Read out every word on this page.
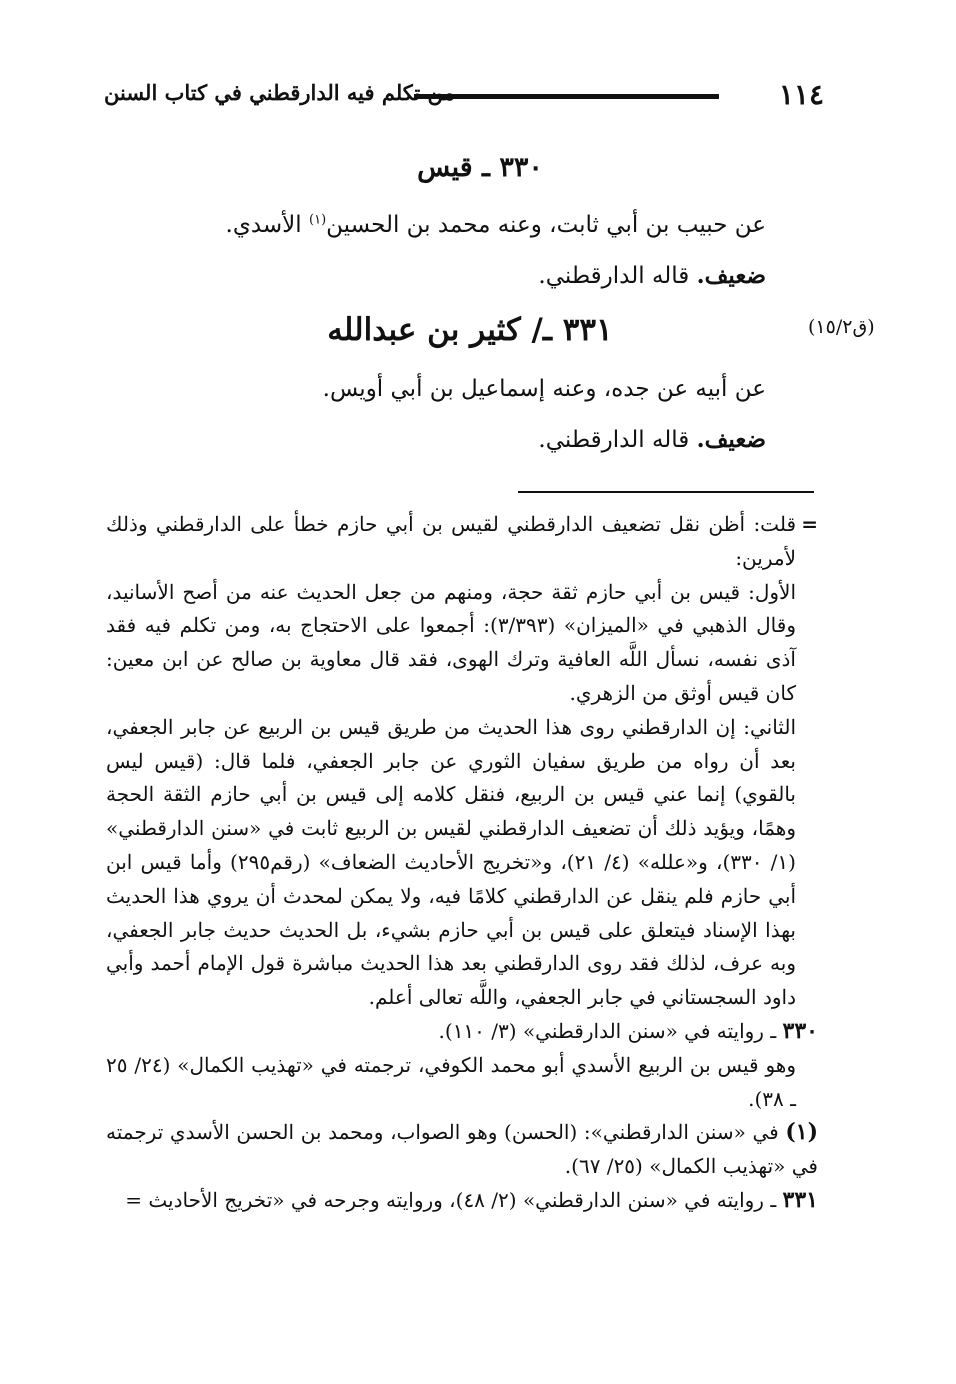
١١٤
من تكلم فيه الدارقطني في كتاب السنن
٣٣٠ ـ قيس
عن حبيب بن أبي ثابت، وعنه محمد بن الحسين$^{(١)}$ الأسدي.
ضعيف. قاله الدارقطني.
(ق١٥/٢)
٣٣١ ـ/ كثير بن عبدالله
عن أبيه عن جده، وعنه إسماعيل بن أبي أويس.
ضعيف. قاله الدارقطني.

=
قلت: أظن نقل تضعيف الدارقطني لقيس بن أبي حازم خطأ على الدارقطني وذلك لأمرين:

الأول: قيس بن أبي حازم ثقة حجة، ومنهم من جعل الحديث عنه من أصح الأسانيد، وقال الذهبي في «الميزان» (٣/٣٩٣): أجمعوا على الاحتجاج به، ومن تكلم فيه فقد آذى نفسه، نسأل اللَّه العافية وترك الهوى، فقد قال معاوية بن صالح عن ابن معين: كان قيس أوثق من الزهري.

الثاني: إن الدارقطني روى هذا الحديث من طريق قيس بن الربيع عن جابر الجعفي، بعد أن رواه من طريق سفيان الثوري عن جابر الجعفي، فلما قال: (قيس ليس بالقوي) إنما عني قيس بن الربيع، فنقل كلامه إلى قيس بن أبي حازم الثقة الحجة وهمًا، ويؤيد ذلك أن تضعيف الدارقطني لقيس بن الربيع ثابت في «سنن الدارقطني» (١/ ٣٣٠)، و«علله» (٤/ ٢١)، و«تخريج الأحاديث الضعاف» (رقم٢٩٥) وأما قيس ابن أبي حازم فلم ينقل عن الدارقطني كلامًا فيه، ولا يمكن لمحدث أن يروي هذا الحديث بهذا الإسناد فيتعلق على قيس بن أبي حازم بشيء، بل الحديث حديث جابر الجعفي، وبه عرف، لذلك فقد روى الدارقطني بعد هذا الحديث مباشرة قول الإمام أحمد وأبي داود السجستاني في جابر الجعفي، واللَّه تعالى أعلم.

٣٣٠ ـ روايته في «سنن الدارقطني» (٣/ ١١٠).

وهو قيس بن الربيع الأسدي أبو محمد الكوفي، ترجمته في «تهذيب الكمال» (٢٤/ ٢٥ ـ ٣٨).

(١) في «سنن الدارقطني»: (الحسن) وهو الصواب، ومحمد بن الحسن الأسدي ترجمته في «تهذيب الكمال» (٢٥/ ٦٧).

٣٣١ ـ روايته في «سنن الدارقطني» (٢/ ٤٨)، وروايته وجرحه في «تخريج الأحاديث =
